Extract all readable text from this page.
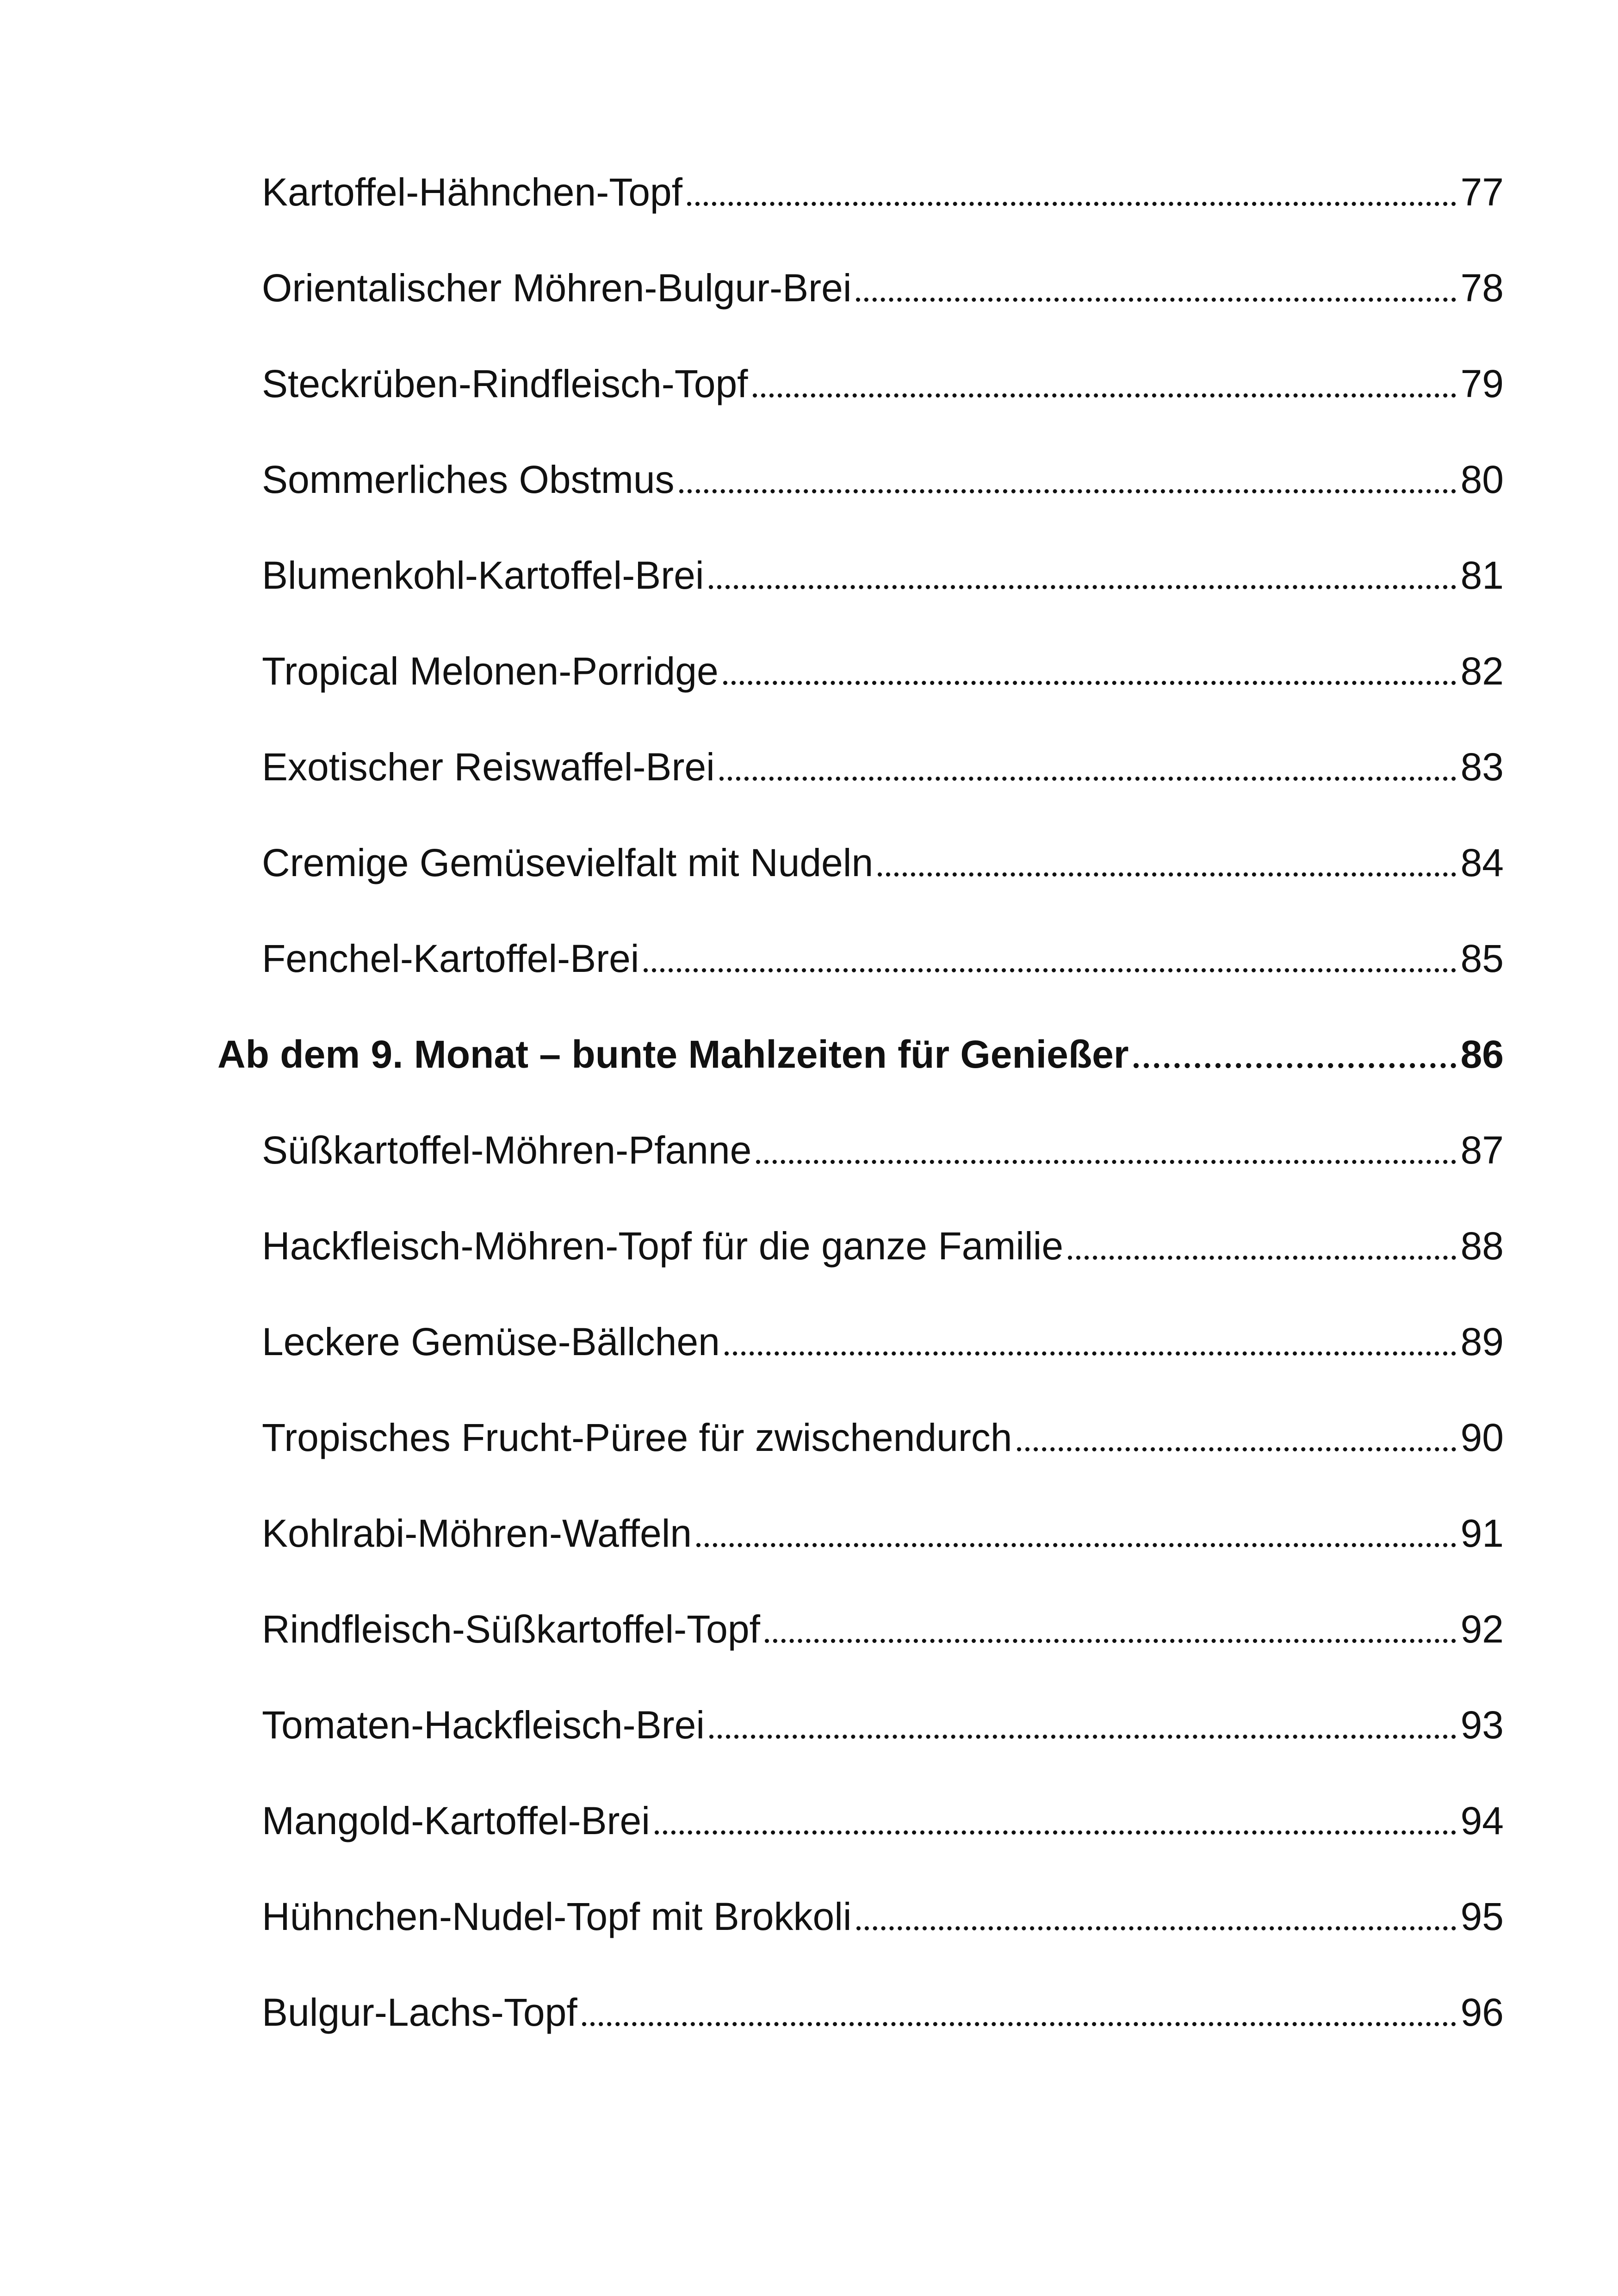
Kartoffel-Hähnchen-Topf	77
Orientalischer Möhren-Bulgur-Brei	78
Steckrüben-Rindfleisch-Topf	79
Sommerliches Obstmus	80
Blumenkohl-Kartoffel-Brei	81
Tropical Melonen-Porridge	82
Exotischer Reiswaffel-Brei	83
Cremige Gemüsevielfalt mit Nudeln	84
Fenchel-Kartoffel-Brei	85
Ab dem 9. Monat – bunte Mahlzeiten für Genießer	86
Süßkartoffel-Möhren-Pfanne	87
Hackfleisch-Möhren-Topf für die ganze Familie	88
Leckere Gemüse-Bällchen	89
Tropisches Frucht-Püree für zwischendurch	90
Kohlrabi-Möhren-Waffeln	91
Rindfleisch-Süßkartoffel-Topf	92
Tomaten-Hackfleisch-Brei	93
Mangold-Kartoffel-Brei	94
Hühnchen-Nudel-Topf mit Brokkoli	95
Bulgur-Lachs-Topf	96
